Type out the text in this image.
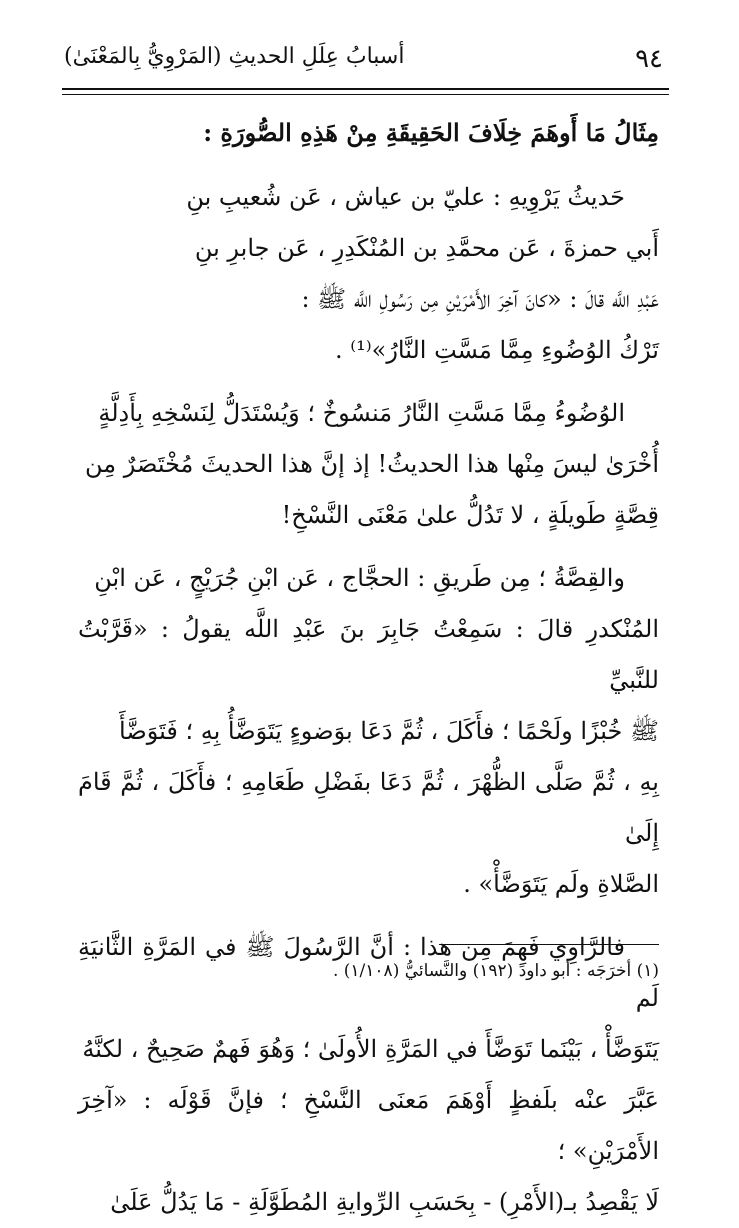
٩٤
أسبابُ عِلَلِ الحديثِ (المَرْوِيُّ بِالمَعْنَىٰ)
مِثَالُ مَا أَوهَمَ خِلَافَ الحَقِيقَةِ مِنْ هَذِهِ الصُّورَةِ :

حَديثُ يَرْوِيهِ : عليّ بن عياش ، عَن شُعيبِ بنِ

أَبي حمزةَ ، عَن محمَّدِ بن المُنْكَدِرِ ، عَن جابرِ بنِ

عَبْدِ اللَّه قالَ : «كانَ آخِرَ الأَمْرَيْنِ مِن رَسُولِ اللَّه ﷺ :

تَرْكُ الوُضُوءِ مِمَّا مَسَّتِ النَّارُ»⁽¹⁾ .

الوُضُوءُ مِمَّا مَسَّتِ النَّارُ مَنسُوخٌ ؛ وَيُسْتَدَلُّ لِنَسْخِهِ بِأَدِلَّةٍ

أُخْرَىٰ ليسَ مِنْها هذا الحديثُ! إذ إنَّ هذا الحديثَ مُخْتَصَرٌ مِن

قِصَّةٍ طَويلَةٍ ، لا تَدُلُّ علىٰ مَعْنَى النَّسْخِ!

والقِصَّةُ ؛ مِن طَريقِ : الحجَّاج ، عَن ابْنِ جُرَيْجٍ ، عَن ابْنِ

المُنْكدرِ قالَ : سَمِعْتُ جَابِرَ بنَ عَبْدِ اللَّه يقولُ : «قَرَّبْتُ للنَّبيِّ

ﷺ خُبْزًا ولَحْمًا ؛ فأَكَلَ ، ثُمَّ دَعَا بوَضوءٍ يَتَوَضَّأُ بِهِ ؛ فَتَوَضَّأَ

بِهِ ، ثُمَّ صَلَّى الظُّهْرَ ، ثُمَّ دَعَا بفَضْلِ طَعَامِهِ ؛ فأَكَلَ ، ثُمَّ قَامَ إِلَىٰ

الصَّلاةِ ولَم يَتَوَضَّأْ» .

فالرَّاوِي فَهِمَ مِن هذا : أنَّ الرَّسُولَ ﷺ في المَرَّةِ الثَّانيَةِ لَم

يَتَوَضَّأْ ، بَيْنَما تَوَضَّأَ في المَرَّةِ الأُولَىٰ ؛ وَهُوَ فَهمٌ صَحِيحٌ ، لكنَّهُ

عَبَّرَ عنْه بلَفظٍ أَوْهَمَ مَعنَى النَّسْخِ ؛ فإنَّ قَوْلَه : «آخِرَ الأَمْرَيْنِ» ؛

لَا يَقْصِدُ بـ(الأَمْرِ) - بِحَسَبِ الرِّوايةِ المُطَوَّلَةِ - مَا يَدُلُّ عَلَىٰ

(١) أخرَجَه : أبو داودَ (١٩٢) والنَّسائيُّ (١/١٠٨) .
